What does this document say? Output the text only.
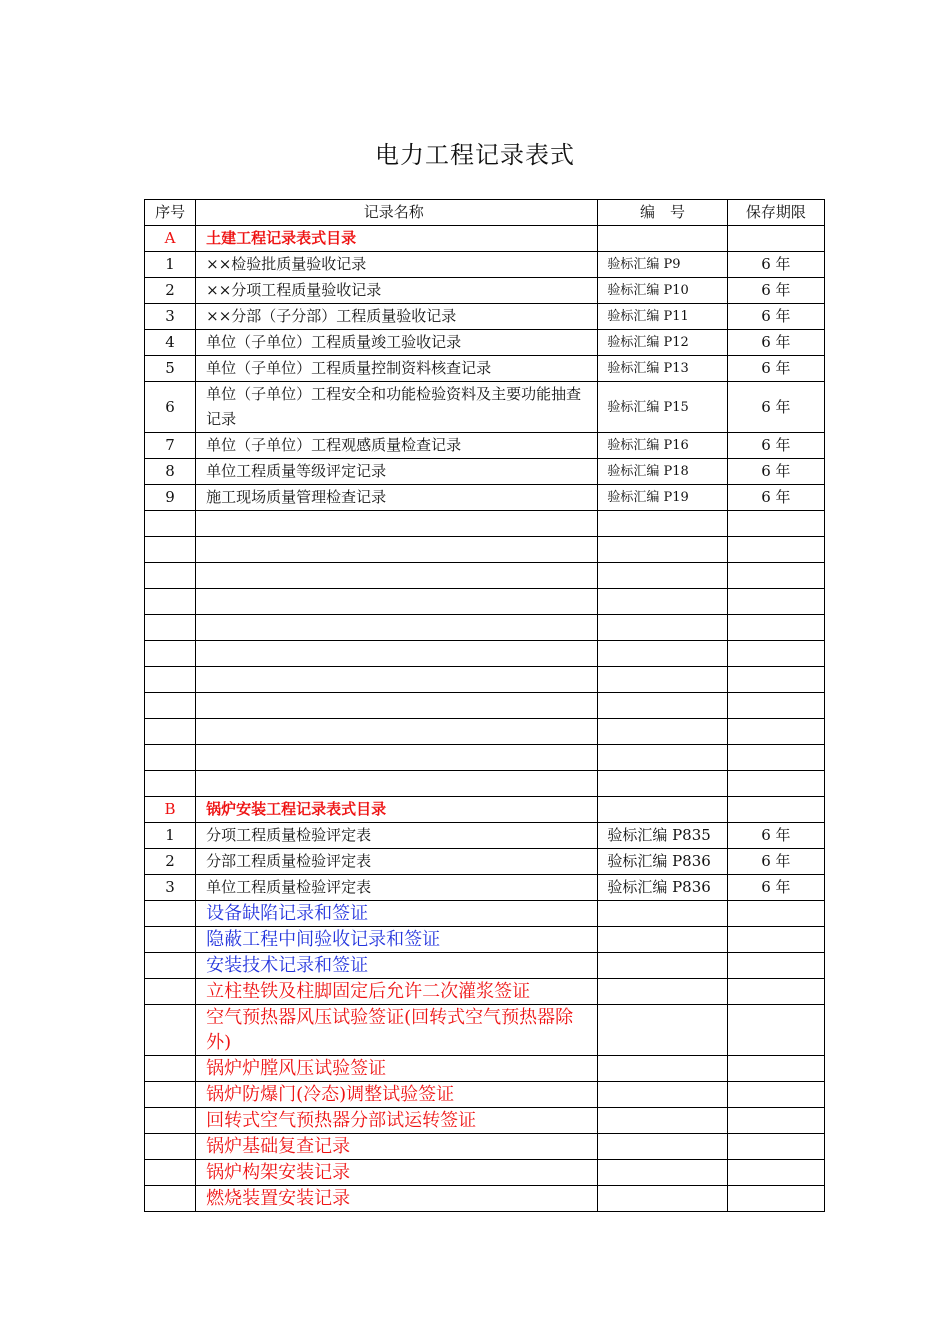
电力工程记录表式
序号	记录名称	编　号	保存期限
A	土建工程记录表式目录		
1	××检验批质量验收记录	验标汇编 P9	6 年
2	××分项工程质量验收记录	验标汇编 P10	6 年
3	××分部（子分部）工程质量验收记录	验标汇编 P11	6 年
4	单位（子单位）工程质量竣工验收记录	验标汇编 P12	6 年
5	单位（子单位）工程质量控制资料核查记录	验标汇编 P13	6 年
6	单位（子单位）工程安全和功能检验资料及主要功能抽查记录	验标汇编 P15	6 年
7	单位（子单位）工程观感质量检查记录	验标汇编 P16	6 年
8	单位工程质量等级评定记录	验标汇编 P18	6 年
9	施工现场质量管理检查记录	验标汇编 P19	6 年

B	锅炉安装工程记录表式目录		
1	分项工程质量检验评定表	验标汇编 P835	6 年
2	分部工程质量检验评定表	验标汇编 P836	6 年
3	单位工程质量检验评定表	验标汇编 P836	6 年
	设备缺陷记录和签证		
	隐蔽工程中间验收记录和签证		
	安装技术记录和签证		
	立柱垫铁及柱脚固定后允许二次灌浆签证		
	空气预热器风压试验签证(回转式空气预热器除外)		
	锅炉炉膛风压试验签证		
	锅炉防爆门(冷态)调整试验签证		
	回转式空气预热器分部试运转签证		
	锅炉基础复查记录		
	锅炉构架安装记录		
	燃烧装置安装记录		
